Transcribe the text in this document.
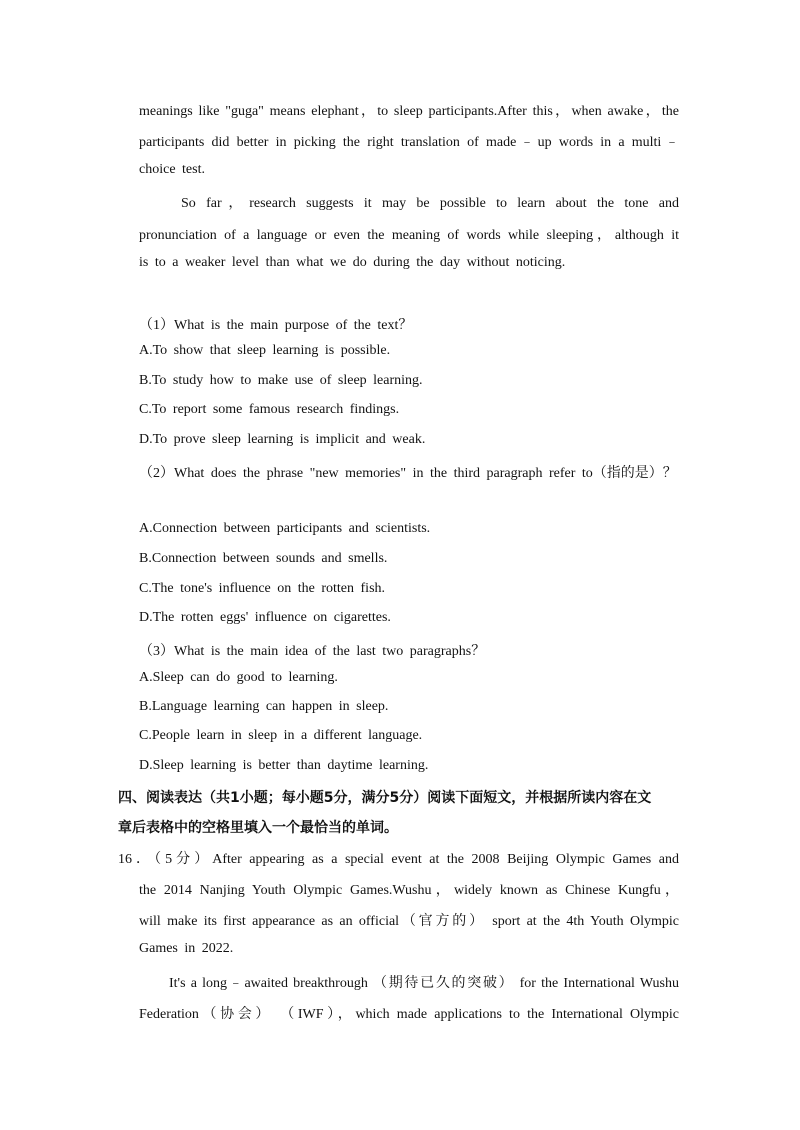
meanings like "guga" means elephant，to sleep participants.After this，when awake，the
participants did better in picking the right translation of made﹣up words in a multi﹣
choice test.
So far，research suggests it may be possible to learn about the tone and
pronunciation of a language or even the meaning of words while sleeping，although it
is to a weaker level than what we do during the day without noticing.
（1）What is the main purpose of the text？
A.To show that sleep learning is possible.
B.To study how to make use of sleep learning.
C.To report some famous research findings.
D.To prove sleep learning is implicit and weak.
（2）What does the phrase "new memories" in the third paragraph refer to（指的是）？
A.Connection between participants and scientists.
B.Connection between sounds and smells.
C.The tone's influence on the rotten fish.
D.The rotten eggs' influence on cigarettes.
（3）What is the main idea of the last two paragraphs？
A.Sleep can do good to learning.
B.Language learning can happen in sleep.
C.People learn in sleep in a different language.
D.Sleep learning is better than daytime learning.
四、阅读表达（共1小题；每小题5分，满分5分）阅读下面短文，并根据所读内容在文
章后表格中的空格里填入一个最恰当的单词。
16．（5分）After appearing as a special event at the 2008 Beijing Olympic Games and
the 2014 Nanjing Youth Olympic Games.Wushu，widely known as Chinese Kungfu，
will make its first appearance as an official（官方的） sport at the 4th Youth Olympic
Games in 2022.
It's a long﹣awaited breakthrough （期待已久的突破） for the International Wushu
Federation（协会） （IWF），which made applications to the International Olympic
